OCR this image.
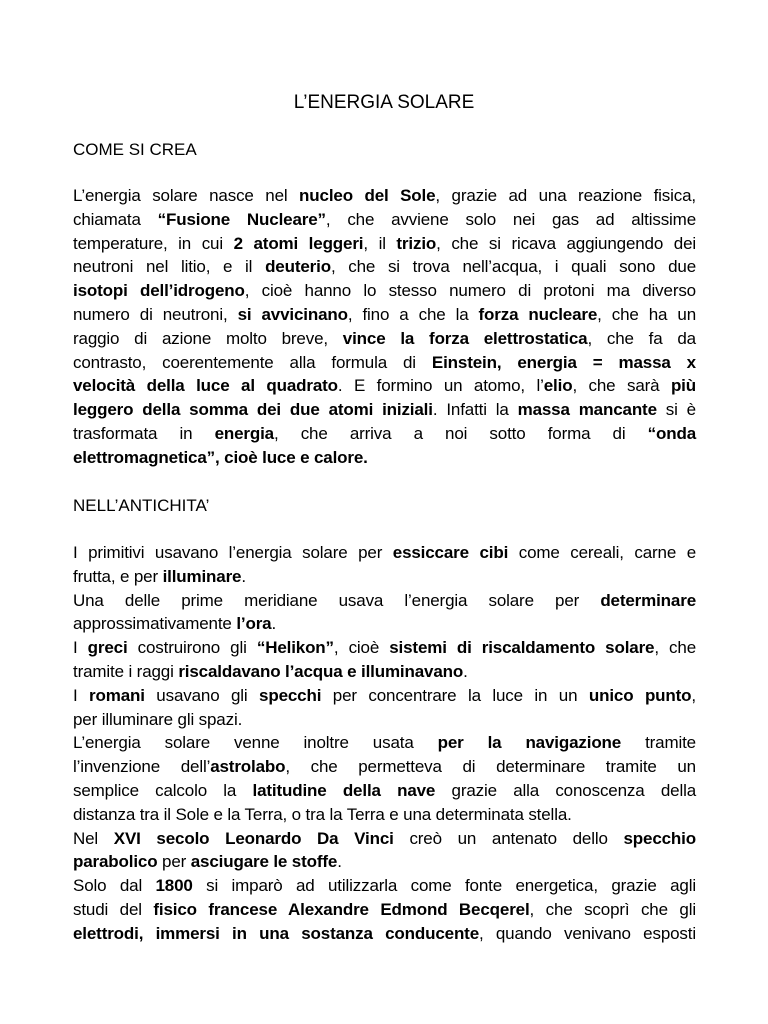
L’ENERGIA SOLARE
COME SI CREA

L’energia solare nasce nel nucleo del Sole, grazie ad una reazione fisica,
chiamata “Fusione Nucleare”, che avviene solo nei gas ad altissime
temperature, in cui 2 atomi leggeri, il trizio, che si ricava aggiungendo dei
neutroni nel litio, e il deuterio, che si trova nell’acqua, i quali sono due
isotopi dell’idrogeno, cioè hanno lo stesso numero di protoni ma diverso
numero di neutroni, si avvicinano, fino a che la forza nucleare, che ha un
raggio di azione molto breve, vince la forza elettrostatica, che fa da
contrasto, coerentemente alla formula di Einstein, energia = massa x
velocità della luce al quadrato. E formino un atomo, l’elio, che sarà più
leggero della somma dei due atomi iniziali. Infatti la massa mancante si è
trasformata in energia, che arriva a noi sotto forma di “onda
elettromagnetica”, cioè luce e calore.

NELL’ANTICHITA’

I primitivi usavano l’energia solare per essiccare cibi come cereali, carne e
frutta, e per illuminare.
Una delle prime meridiane usava l’energia solare per determinare
approssimativamente l’ora.
I greci costruirono gli “Helikon”, cioè sistemi di riscaldamento solare, che
tramite i raggi riscaldavano l’acqua e illuminavano.
I romani usavano gli specchi per concentrare la luce in un unico punto,
per illuminare gli spazi.
L’energia solare venne inoltre usata per la navigazione tramite
l’invenzione dell’astrolabo, che permetteva di determinare tramite un
semplice calcolo la latitudine della nave grazie alla conoscenza della
distanza tra il Sole e la Terra, o tra la Terra e una determinata stella.
Nel XVI secolo Leonardo Da Vinci creò un antenato dello specchio
parabolico per asciugare le stoffe.
Solo dal 1800 si imparò ad utilizzarla come fonte energetica, grazie agli
studi del fisico francese Alexandre Edmond Becqerel, che scoprì che gli
elettrodi, immersi in una sostanza conducente, quando venivano esposti
